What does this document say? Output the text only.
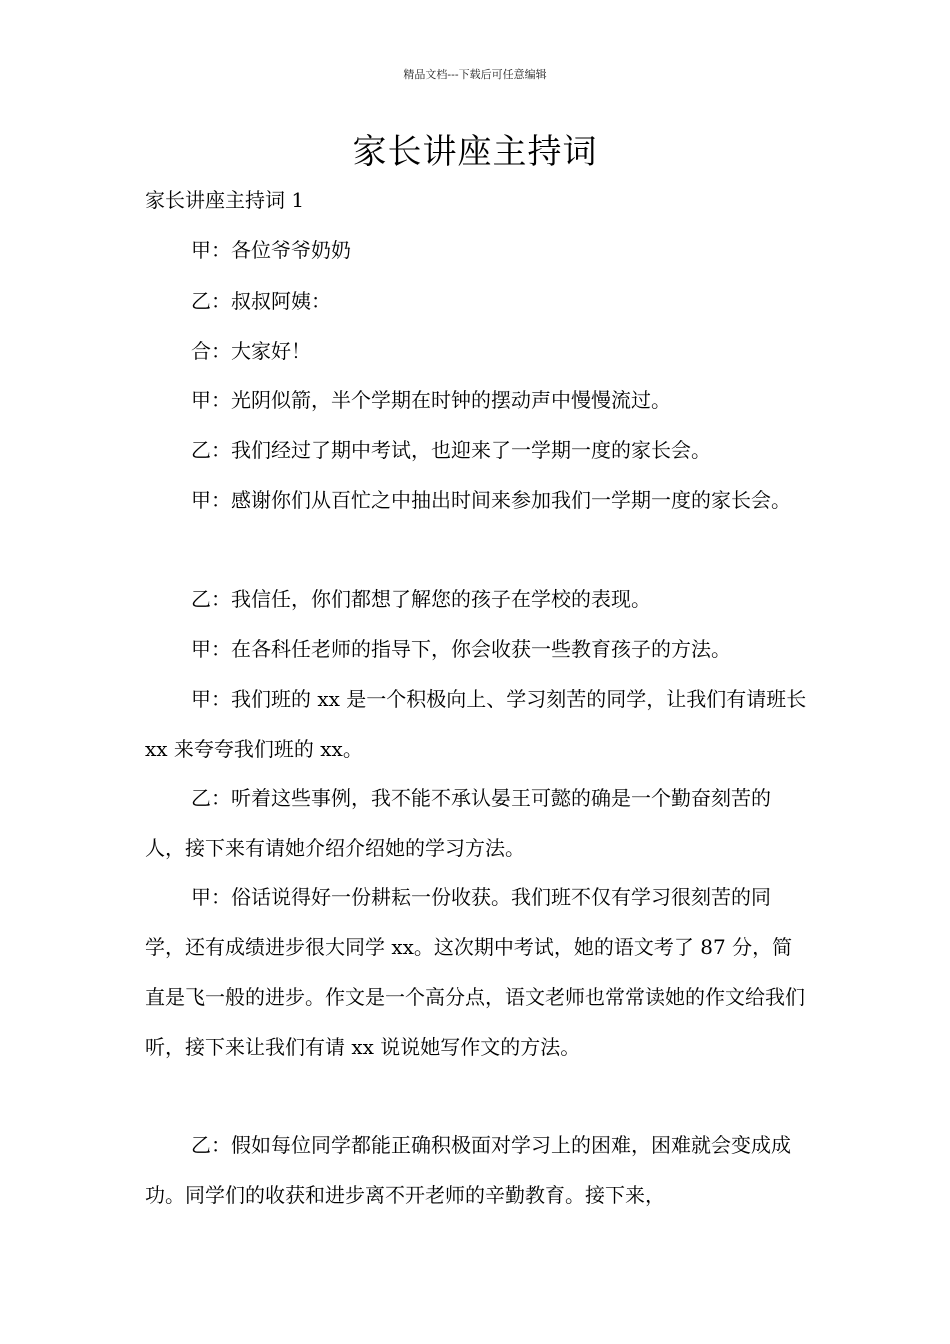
精品文档---下载后可任意编辑
家长讲座主持词
家长讲座主持词 1

甲：各位爷爷奶奶

乙：叔叔阿姨：

合：大家好！

甲：光阴似箭，半个学期在时钟的摆动声中慢慢流过。

乙：我们经过了期中考试，也迎来了一学期一度的家长会。

甲：感谢你们从百忙之中抽出时间来参加我们一学期一度的家长会。

乙：我信任，你们都想了解您的孩子在学校的表现。

甲：在各科任老师的指导下，你会收获一些教育孩子的方法。

甲：我们班的 xx 是一个积极向上、学习刻苦的同学，让我们有请班长 xx 来夸夸我们班的 xx。

乙：听着这些事例，我不能不承认晏王可懿的确是一个勤奋刻苦的人，接下来有请她介绍介绍她的学习方法。

甲：俗话说得好一份耕耘一份收获。我们班不仅有学习很刻苦的同学，还有成绩进步很大同学 xx。这次期中考试，她的语文考了 87 分，简直是飞一般的进步。作文是一个高分点，语文老师也常常读她的作文给我们听，接下来让我们有请 xx 说说她写作文的方法。

乙：假如每位同学都能正确积极面对学习上的困难，困难就会变成成功。同学们的收获和进步离不开老师的辛勤教育。接下来，
